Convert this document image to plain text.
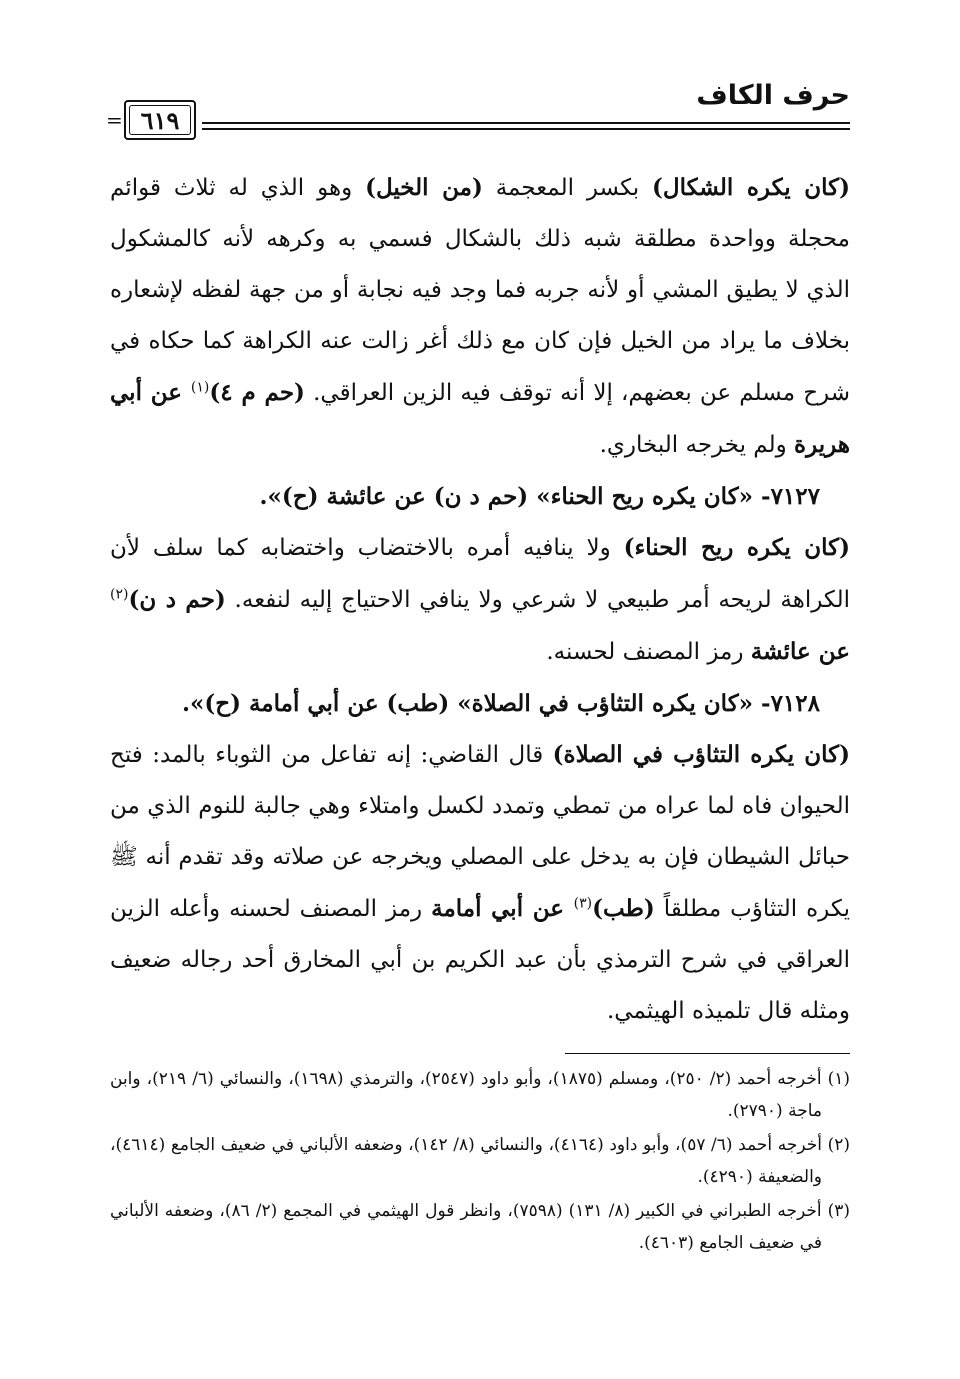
حرف الكاف
٦١٩
=

(كان يكره الشكال) بكسر المعجمة (من الخيل) وهو الذي له ثلاث قوائم محجلة وواحدة مطلقة شبه ذلك بالشكال فسمي به وكرهه لأنه كالمشكول الذي لا يطيق المشي أو لأنه جربه فما وجد فيه نجابة أو من جهة لفظه لإشعاره بخلاف ما يراد من الخيل فإن كان مع ذلك أغر زالت عنه الكراهة كما حكاه في شرح مسلم عن بعضهم، إلا أنه توقف فيه الزين العراقي. (حم م ٤)$^{(١)}$ عن أبي هريرة ولم يخرجه البخاري.

٧١٢٧- «كان يكره ريح الحناء» (حم د ن) عن عائشة (ح)».

(كان يكره ريح الحناء) ولا ينافيه أمره بالاختضاب واختضابه كما سلف لأن الكراهة لريحه أمر طبيعي لا شرعي ولا ينافي الاحتياج إليه لنفعه. (حم د ن)$^{(٢)}$ عن عائشة رمز المصنف لحسنه.

٧١٢٨- «كان يكره التثاؤب في الصلاة» (طب) عن أبي أمامة (ح)».

(كان يكره التثاؤب في الصلاة) قال القاضي: إنه تفاعل من الثوباء بالمد: فتح الحيوان فاه لما عراه من تمطي وتمدد لكسل وامتلاء وهي جالبة للنوم الذي من حبائل الشيطان فإن به يدخل على المصلي ويخرجه عن صلاته وقد تقدم أنه ﷺ يكره التثاؤب مطلقاً (طب)$^{(٣)}$ عن أبي أمامة رمز المصنف لحسنه وأعله الزين العراقي في شرح الترمذي بأن عبد الكريم بن أبي المخارق أحد رجاله ضعيف ومثله قال تلميذه الهيثمي.

(١) أخرجه أحمد (٢/ ٢٥٠)، ومسلم (١٨٧٥)، وأبو داود (٢٥٤٧)، والترمذي (١٦٩٨)، والنسائي (٦/ ٢١٩)، وابن ماجة (٢٧٩٠).

(٢) أخرجه أحمد (٦/ ٥٧)، وأبو داود (٤١٦٤)، والنسائي (٨/ ١٤٢)، وضعفه الألباني في ضعيف الجامع (٤٦١٤)، والضعيفة (٤٢٩٠).

(٣) أخرجه الطبراني في الكبير (٨/ ١٣١) (٧٥٩٨)، وانظر قول الهيثمي في المجمع (٢/ ٨٦)، وضعفه الألباني في ضعيف الجامع (٤٦٠٣).
